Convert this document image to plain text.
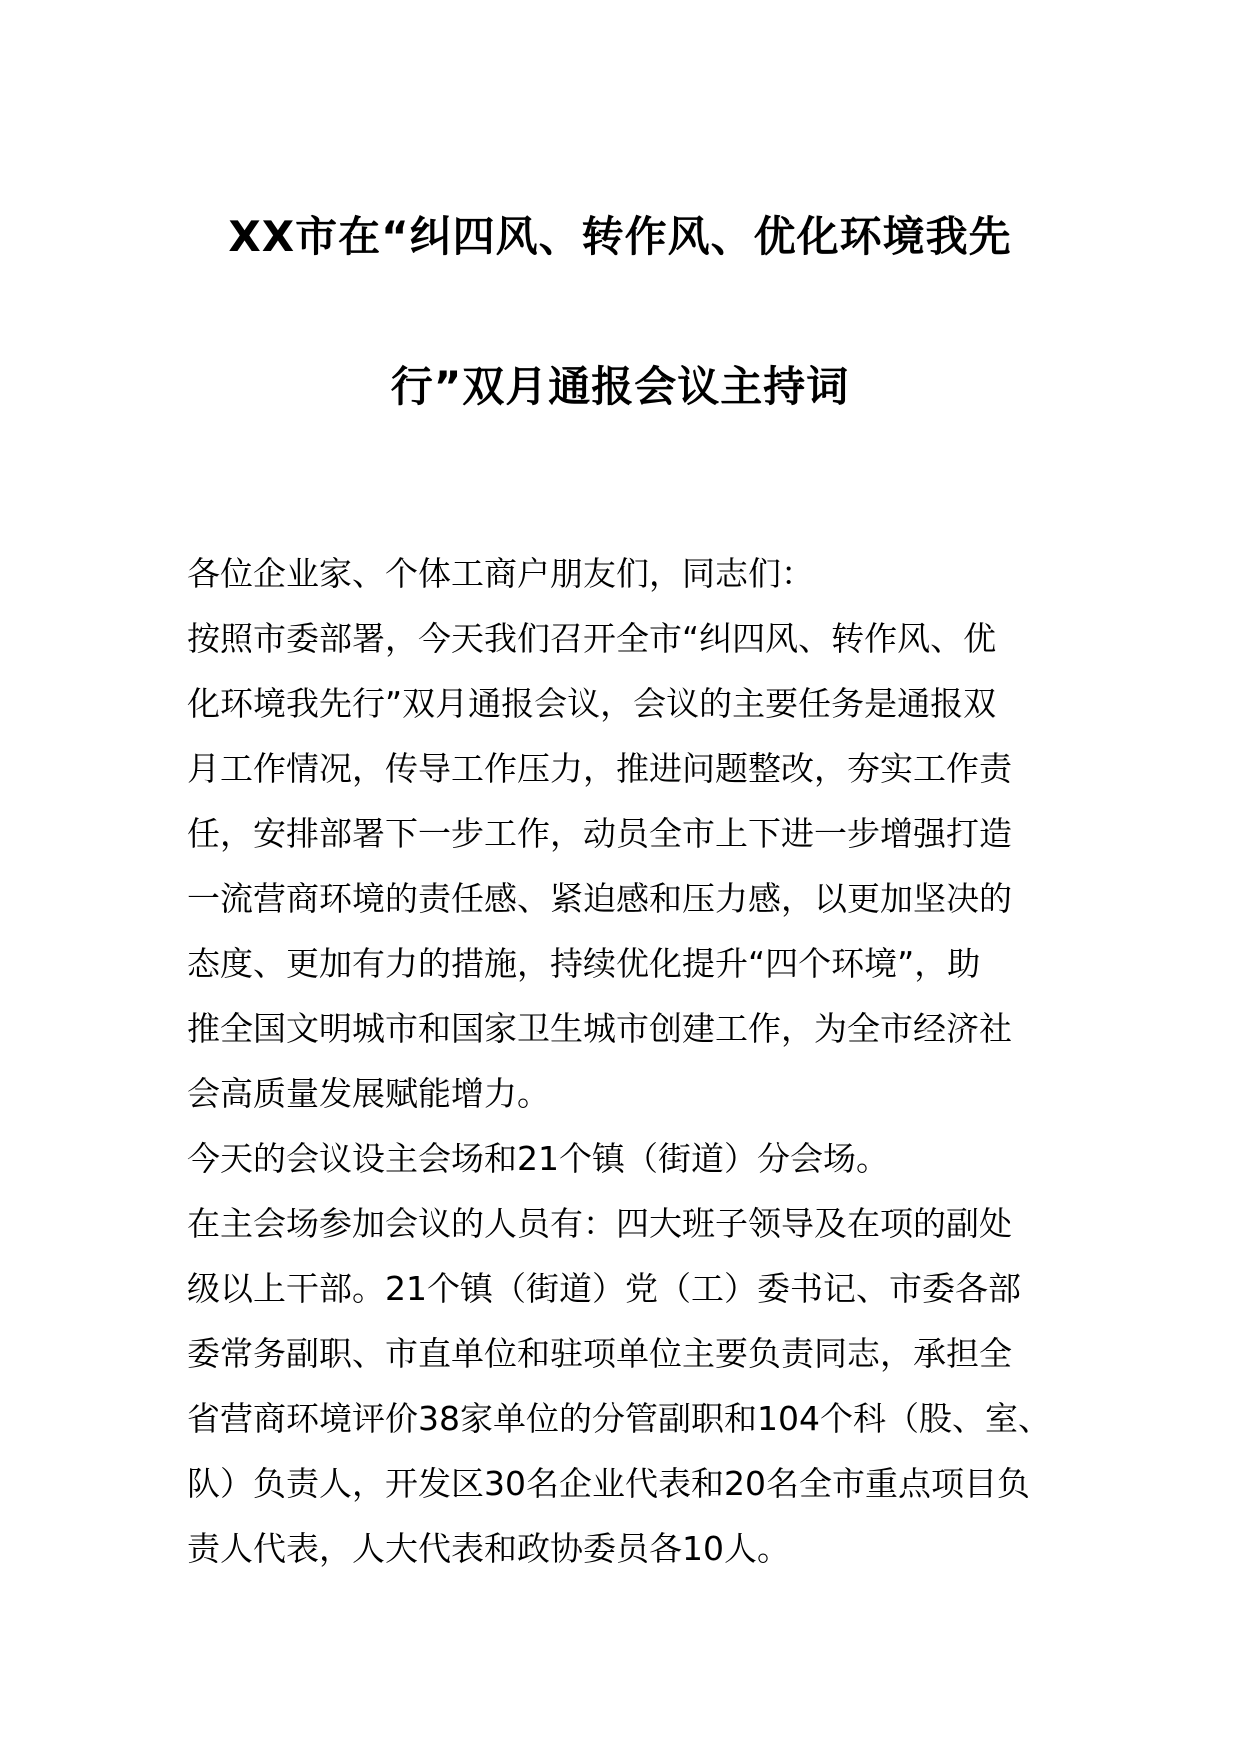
XX市在“纠四风、转作风、优化环境我先
行”双月通报会议主持词
各位企业家、个体工商户朋友们，同志们：
按照市委部署，今天我们召开全市“纠四风、转作风、优
化环境我先行”双月通报会议，会议的主要任务是通报双
月工作情况，传导工作压力，推进问题整改，夯实工作责
任，安排部署下一步工作，动员全市上下进一步增强打造
一流营商环境的责任感、紧迫感和压力感，以更加坚决的
态度、更加有力的措施，持续优化提升“四个环境”，助
推全国文明城市和国家卫生城市创建工作，为全市经济社
会高质量发展赋能增力。
今天的会议设主会场和21个镇（街道）分会场。
在主会场参加会议的人员有：四大班子领导及在项的副处
级以上干部。21个镇（街道）党（工）委书记、市委各部
委常务副职、市直单位和驻项单位主要负责同志，承担全
省营商环境评价38家单位的分管副职和104个科（股、室、
队）负责人，开发区30名企业代表和20名全市重点项目负
责人代表，人大代表和政协委员各10人。
